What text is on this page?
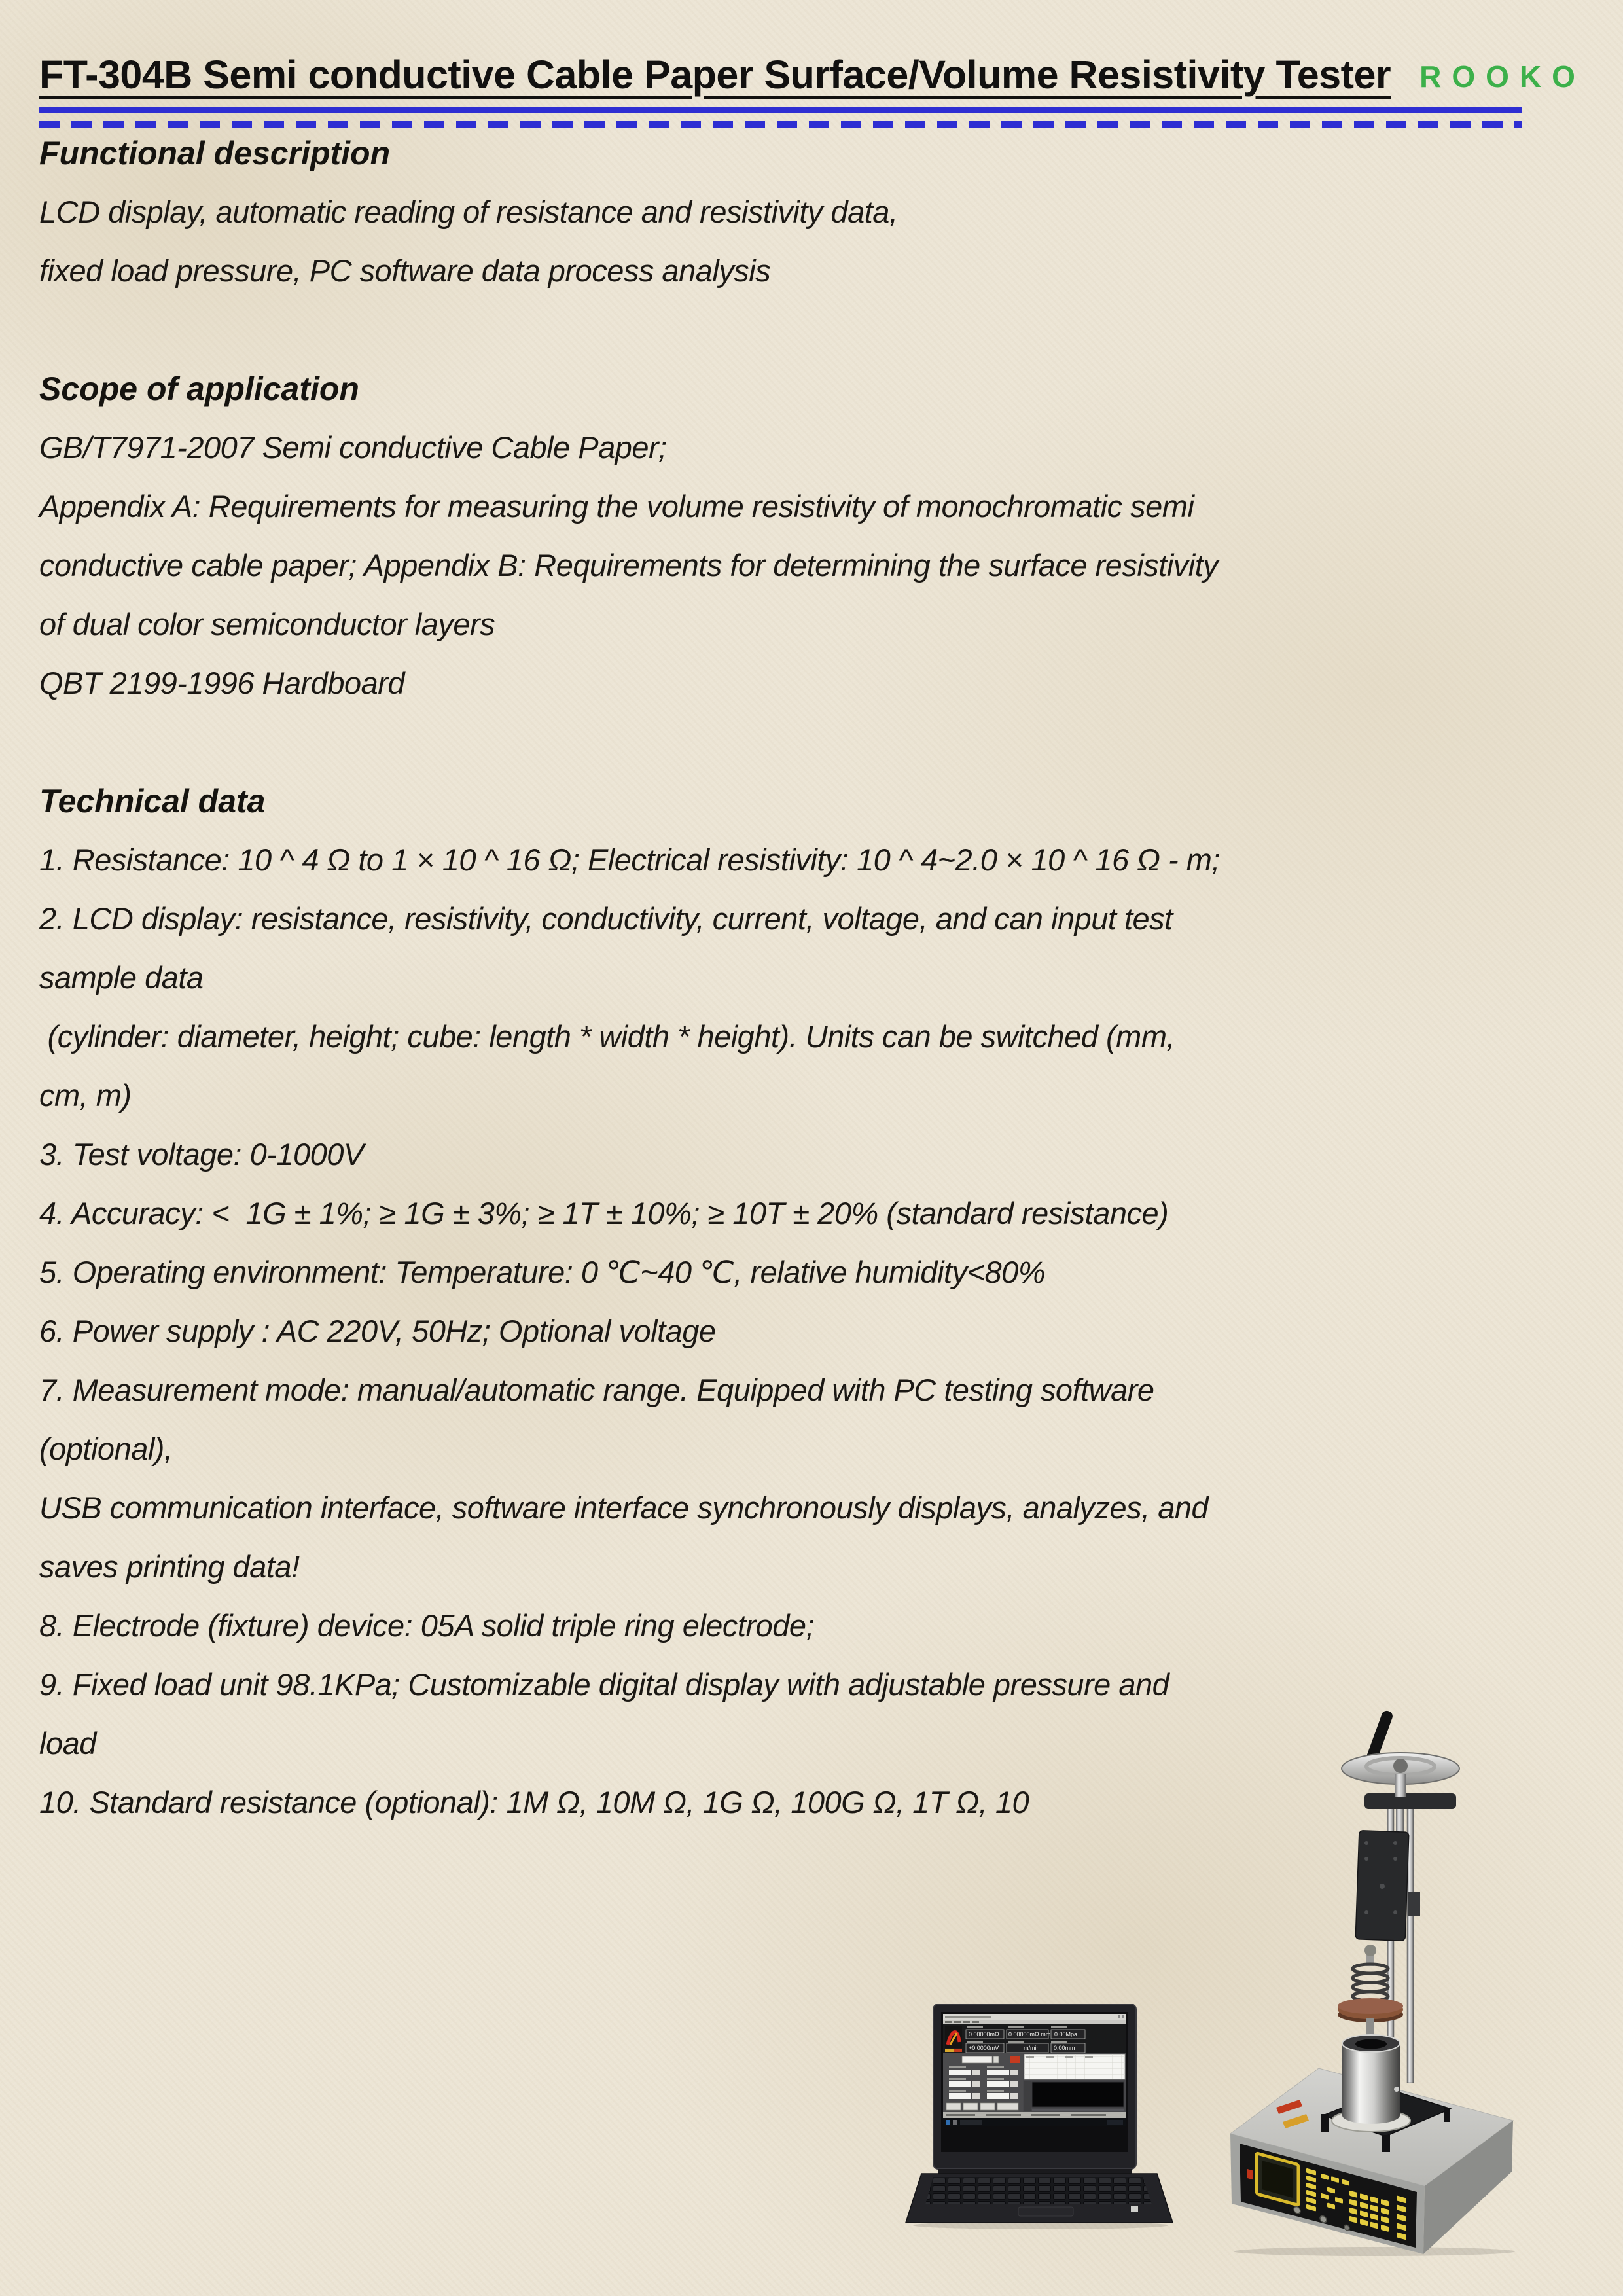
FT-304B Semi conductive Cable Paper Surface/Volume Resistivity Tester ROOKO
Functional description

LCD display, automatic reading of resistance and resistivity data,

fixed load pressure, PC software data process analysis

Scope of application

GB/T7971-2007 Semi conductive Cable Paper;

Appendix A: Requirements for measuring the volume resistivity of monochromatic semi

conductive cable paper; Appendix B: Requirements for determining the surface resistivity

of dual color semiconductor layers

QBT 2199-1996 Hardboard

Technical data

1. Resistance: 10 ^ 4 Ω to 1 × 10 ^ 16 Ω; Electrical resistivity: 10 ^ 4~2.0 × 10 ^ 16 Ω - m;

2. LCD display: resistance, resistivity, conductivity, current, voltage, and can input test

sample data

(cylinder: diameter, height; cube: length * width * height). Units can be switched (mm,

cm, m)

3. Test voltage: 0-1000V

4. Accuracy: <  1G ± 1%; ≥ 1G ± 3%; ≥ 1T ± 10%; ≥ 10T ± 20% (standard resistance)

5. Operating environment: Temperature: 0 ℃~40 ℃, relative humidity<80%

6. Power supply : AC 220V, 50Hz; Optional voltage

7. Measurement mode: manual/automatic range. Equipped with PC testing software

(optional),

USB communication interface, software interface synchronously displays, analyzes, and

saves printing data!

8. Electrode (fixture) device: 05A solid triple ring electrode;

9. Fixed load unit 98.1KPa; Customizable digital display with adjustable pressure and

load

10. Standard resistance (optional): 1M Ω, 10M Ω, 1G Ω, 100G Ω, 1T Ω, 10

0.00000mΩ 0.00000mΩ.mm 0.00Mpa
+0.0000mV	m/min 0.00mm
